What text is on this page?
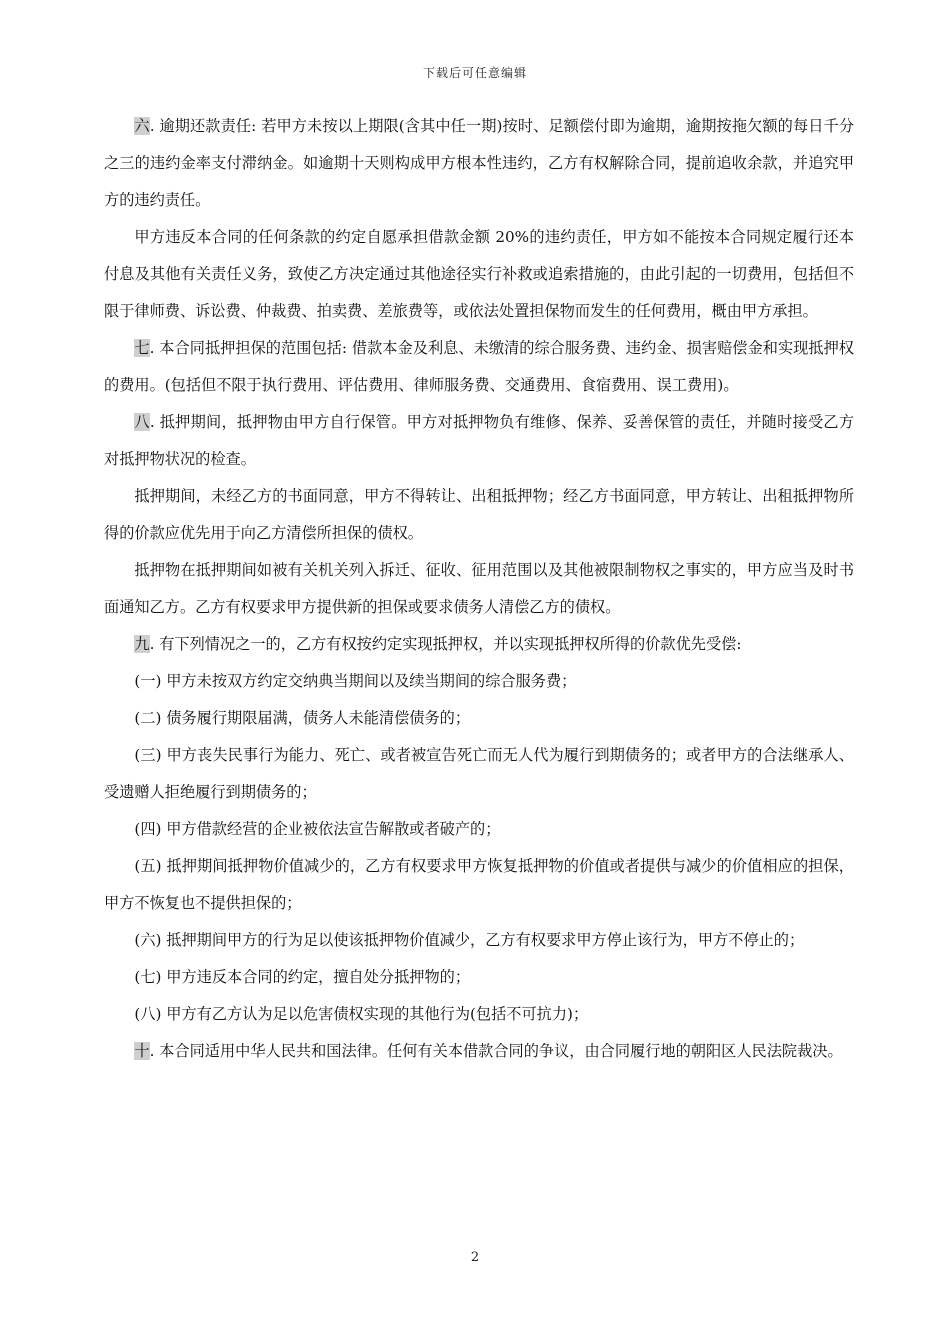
下载后可任意编辑

六. 逾期还款责任: 若甲方未按以上期限(含其中任一期)按时、足额偿付即为逾期，逾期按拖欠额的每日千分之三的违约金率支付滞纳金。如逾期十天则构成甲方根本性违约，乙方有权解除合同，提前追收余款，并追究甲方的违约责任。

甲方违反本合同的任何条款的约定自愿承担借款金额 20%的违约责任，甲方如不能按本合同规定履行还本付息及其他有关责任义务，致使乙方决定通过其他途径实行补救或追索措施的，由此引起的一切费用，包括但不限于律师费、诉讼费、仲裁费、拍卖费、差旅费等，或依法处置担保物而发生的任何费用，概由甲方承担。

七. 本合同抵押担保的范围包括: 借款本金及利息、未缴清的综合服务费、违约金、损害赔偿金和实现抵押权的费用。(包括但不限于执行费用、评估费用、律师服务费、交通费用、食宿费用、误工费用)。

八. 抵押期间，抵押物由甲方自行保管。甲方对抵押物负有维修、保养、妥善保管的责任，并随时接受乙方对抵押物状况的检查。

抵押期间，未经乙方的书面同意，甲方不得转让、出租抵押物；经乙方书面同意，甲方转让、出租抵押物所得的价款应优先用于向乙方清偿所担保的债权。

抵押物在抵押期间如被有关机关列入拆迁、征收、征用范围以及其他被限制物权之事实的，甲方应当及时书面通知乙方。乙方有权要求甲方提供新的担保或要求债务人清偿乙方的债权。

九. 有下列情况之一的，乙方有权按约定实现抵押权，并以实现抵押权所得的价款优先受偿:

(一) 甲方未按双方约定交纳典当期间以及续当期间的综合服务费；

(二) 债务履行期限届满，债务人未能清偿债务的；

(三) 甲方丧失民事行为能力、死亡、或者被宣告死亡而无人代为履行到期债务的；或者甲方的合法继承人、受遗赠人拒绝履行到期债务的；

(四) 甲方借款经营的企业被依法宣告解散或者破产的；

(五) 抵押期间抵押物价值减少的，乙方有权要求甲方恢复抵押物的价值或者提供与减少的价值相应的担保，甲方不恢复也不提供担保的；

(六) 抵押期间甲方的行为足以使该抵押物价值减少，乙方有权要求甲方停止该行为，甲方不停止的；

(七) 甲方违反本合同的约定，擅自处分抵押物的；

(八) 甲方有乙方认为足以危害债权实现的其他行为(包括不可抗力)；

十. 本合同适用中华人民共和国法律。任何有关本借款合同的争议，由合同履行地的朝阳区人民法院裁决。

2
